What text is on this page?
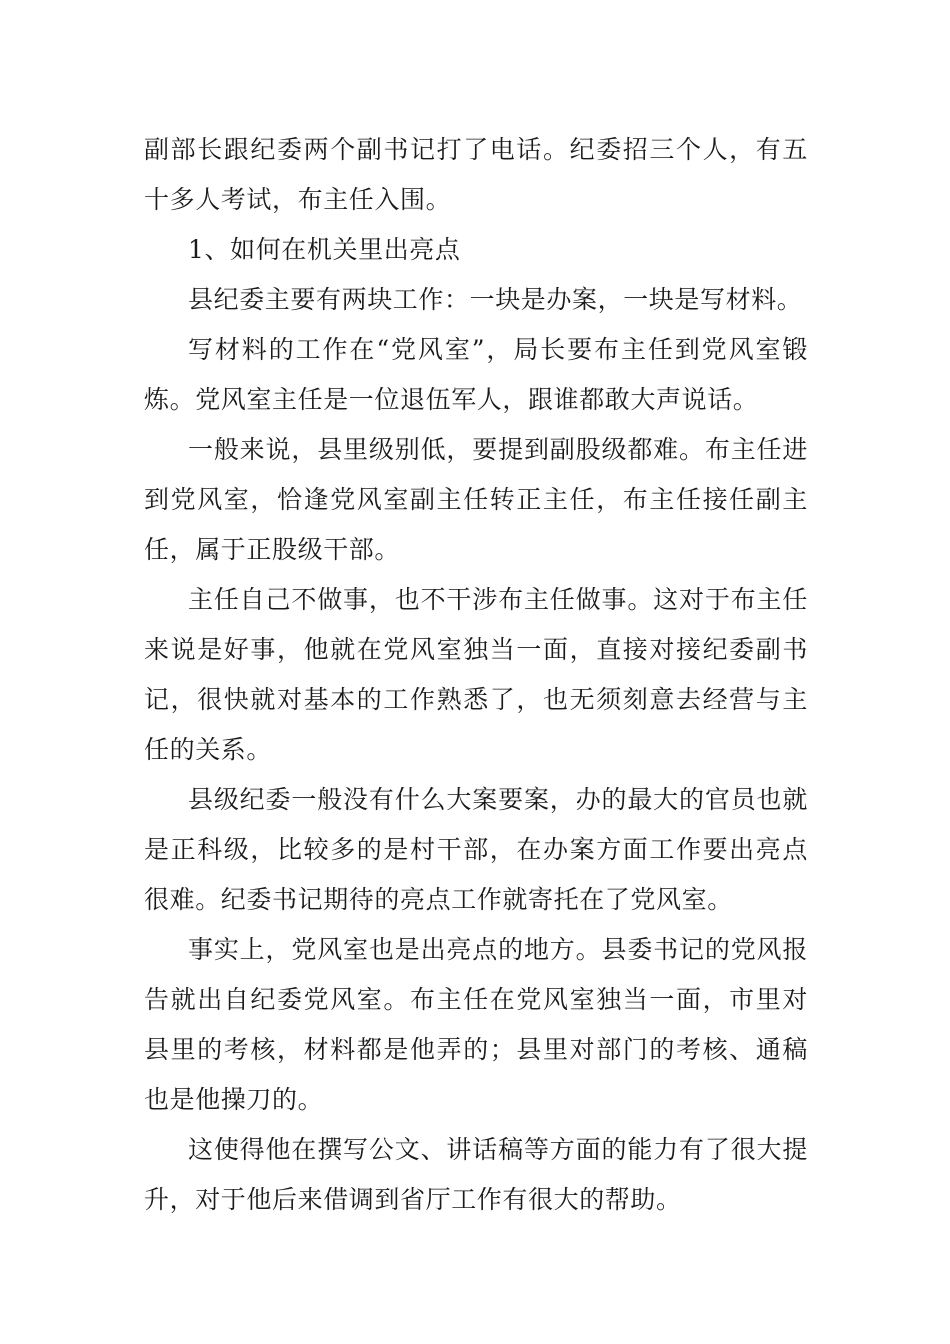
副部长跟纪委两个副书记打了电话。纪委招三个人，有五十多人考试，布主任入围。

1、如何在机关里出亮点

县纪委主要有两块工作：一块是办案，一块是写材料。

写材料的工作在“党风室”，局长要布主任到党风室锻炼。党风室主任是一位退伍军人，跟谁都敢大声说话。

一般来说，县里级别低，要提到副股级都难。布主任进到党风室，恰逢党风室副主任转正主任，布主任接任副主任，属于正股级干部。

主任自己不做事，也不干涉布主任做事。这对于布主任来说是好事，他就在党风室独当一面，直接对接纪委副书记，很快就对基本的工作熟悉了，也无须刻意去经营与主任的关系。

县级纪委一般没有什么大案要案，办的最大的官员也就是正科级，比较多的是村干部，在办案方面工作要出亮点很难。纪委书记期待的亮点工作就寄托在了党风室。

事实上，党风室也是出亮点的地方。县委书记的党风报告就出自纪委党风室。布主任在党风室独当一面，市里对县里的考核，材料都是他弄的；县里对部门的考核、通稿也是他操刀的。

这使得他在撰写公文、讲话稿等方面的能力有了很大提升，对于他后来借调到省厅工作有很大的帮助。
